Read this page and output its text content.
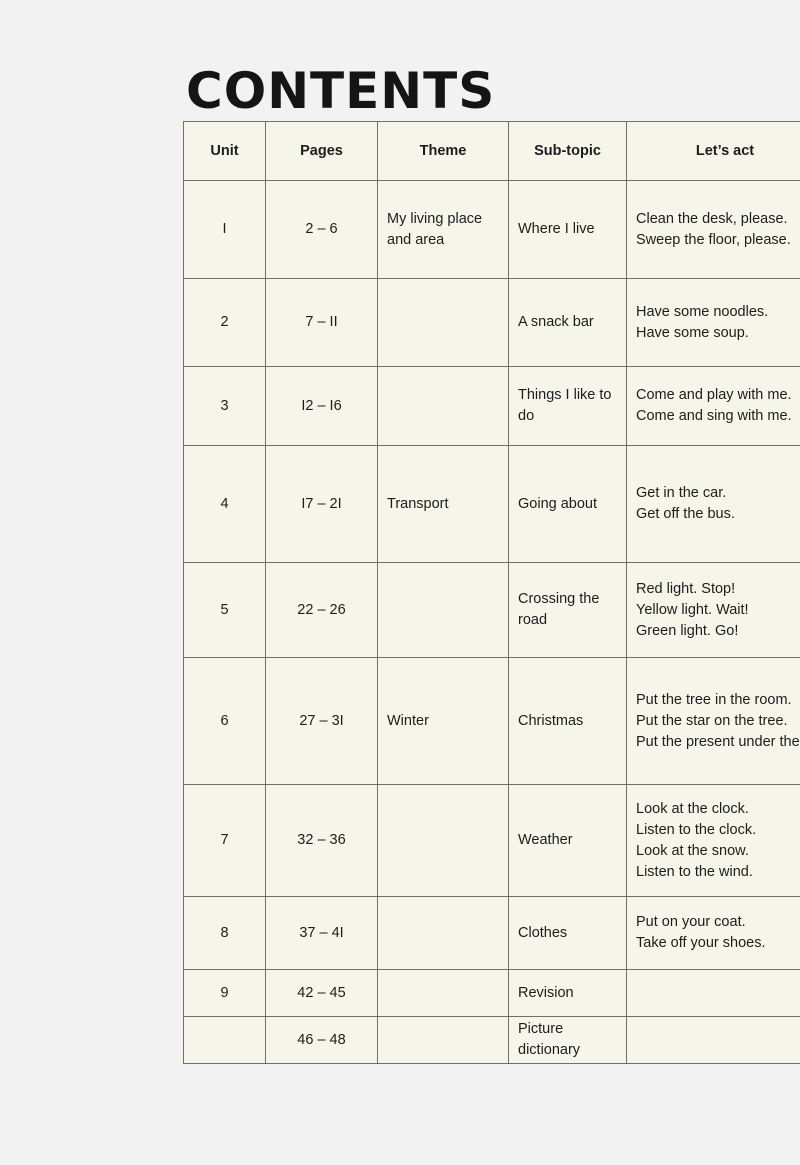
CONTENTS
Unit	Pages	Theme	Sub-topic	Let’s act
I	2 – 6	My living place and area	Where I live	Clean the desk, please.
Sweep the floor, please.

2	7 – II		A snack bar	Have some noodles.
Have some soup.

3	I2 – I6		Things I like to do	Come and play with me.
Come and sing with me.

4	I7 – 2I	Transport	Going about	Get in the car.
Get off the bus.

5	22 – 26		Crossing the road	Red light. Stop!
Yellow light. Wait!
Green light. Go!

6	27 – 3I	Winter	Christmas	Put the tree in the room.
Put the star on the tree.
Put the present under the

7	32 – 36		Weather	Look at the clock.
Listen to the clock.
Look at the snow.
Listen to the wind.

8	37 – 4I		Clothes	Put on your coat.
Take off your shoes.

9	42 – 45		Revision	
	46 – 48		Picture dictionary	
